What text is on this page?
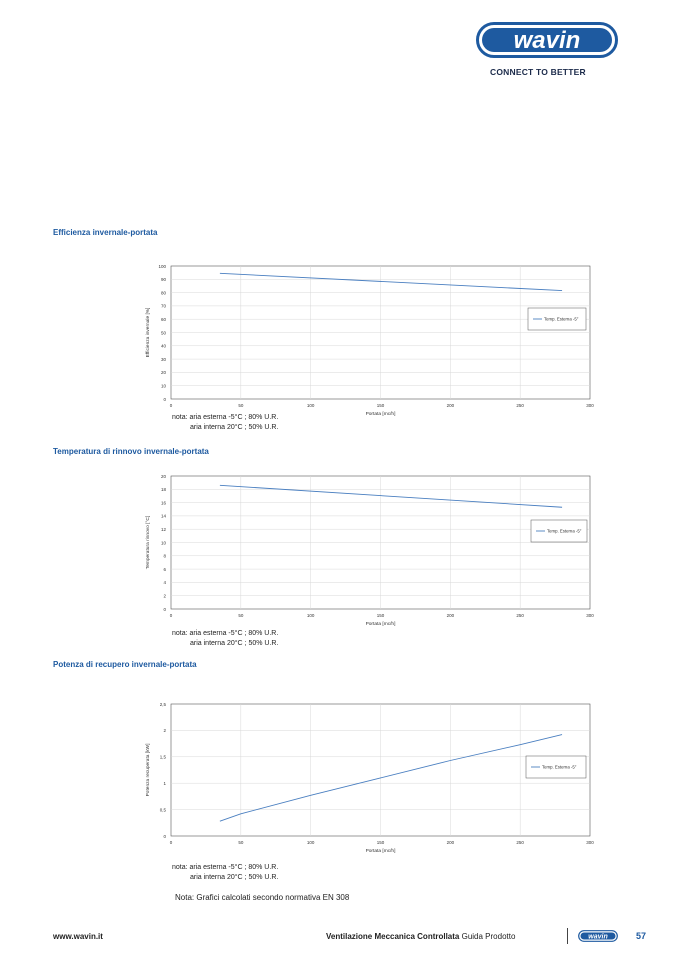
wavin
CONNECT TO BETTER
Efficienza invernale-portata
0
10
20
30
40
50
60
70
80
90
100
0	50	100	150	200	250	300
Portata [mc/h]
Efficienza invernale [%]	Temp. Esterna -5°
nota: aria esterna -5°C ; 80% U.R.
aria interna 20°C ; 50% U.R.
Temperatura di rinnovo invernale-portata
0
2
4
6
8
10
12
14
16
18
20
0	50	100	150	200	250	300
Portata [mc/h]
Temperatura rinnovo [°C]	Temp. Esterna -5°
nota: aria esterna -5°C ; 80% U.R.
aria interna 20°C ; 50% U.R.
Potenza di recupero invernale-portata
0
0,5
1
1,5
2
2,5
0	50	100	150	200	250	300
Portata [mc/h]
Potenza recuperata [kW]	Temp. Esterna -5°
nota: aria esterna -5°C ; 80% U.R.
aria interna 20°C ; 50% U.R.
Nota: Grafici calcolati secondo normativa EN 308
www.wavin.it	Ventilazione Meccanica Controllata Guida Prodotto	wavin	57
